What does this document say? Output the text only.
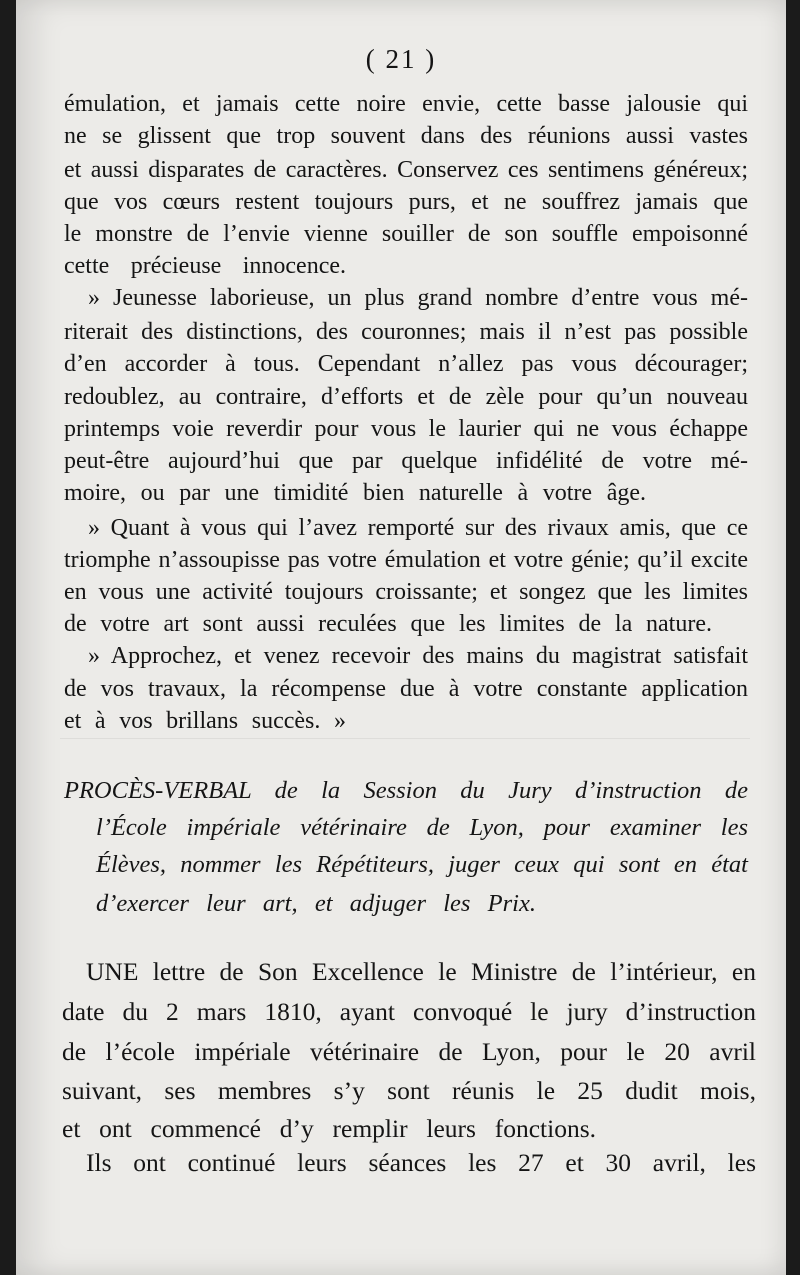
( 21 )
émulation, et jamais cette noire envie, cette basse jalousie qui
ne se glissent que trop souvent dans des réunions aussi vastes
et aussi disparates de caractères. Conservez ces sentimens généreux;
que vos cœurs restent toujours purs, et ne souffrez jamais que
le monstre de l’envie vienne souiller de son souffle empoisonné
cette précieuse innocence.
» Jeunesse laborieuse, un plus grand nombre d’entre vous mé-
riterait des distinctions, des couronnes; mais il n’est pas possible
d’en accorder à tous. Cependant n’allez pas vous décourager;
redoublez, au contraire, d’efforts et de zèle pour qu’un nouveau
printemps voie reverdir pour vous le laurier qui ne vous échappe
peut-être aujourd’hui que par quelque infidélité de votre mé-
moire, ou par une timidité bien naturelle à votre âge.
» Quant à vous qui l’avez remporté sur des rivaux amis, que ce
triomphe n’assoupisse pas votre émulation et votre génie; qu’il excite
en vous une activité toujours croissante; et songez que les limites
de votre art sont aussi reculées que les limites de la nature.
» Approchez, et venez recevoir des mains du magistrat satisfait
de vos travaux, la récompense due à votre constante application
et à vos brillans succès. »
PROCÈS-VERBAL de la Session du Jury d’instruction de
l’École impériale vétérinaire de Lyon, pour examiner les
Élèves, nommer les Répétiteurs, juger ceux qui sont en état
d’exercer leur art, et adjuger les Prix.
UNE lettre de Son Excellence le Ministre de l’intérieur, en
date du 2 mars 1810, ayant convoqué le jury d’instruction
de l’école impériale vétérinaire de Lyon, pour le 20 avril
suivant, ses membres s’y sont réunis le 25 dudit mois,
et ont commencé d’y remplir leurs fonctions.
Ils ont continué leurs séances les 27 et 30 avril, les
